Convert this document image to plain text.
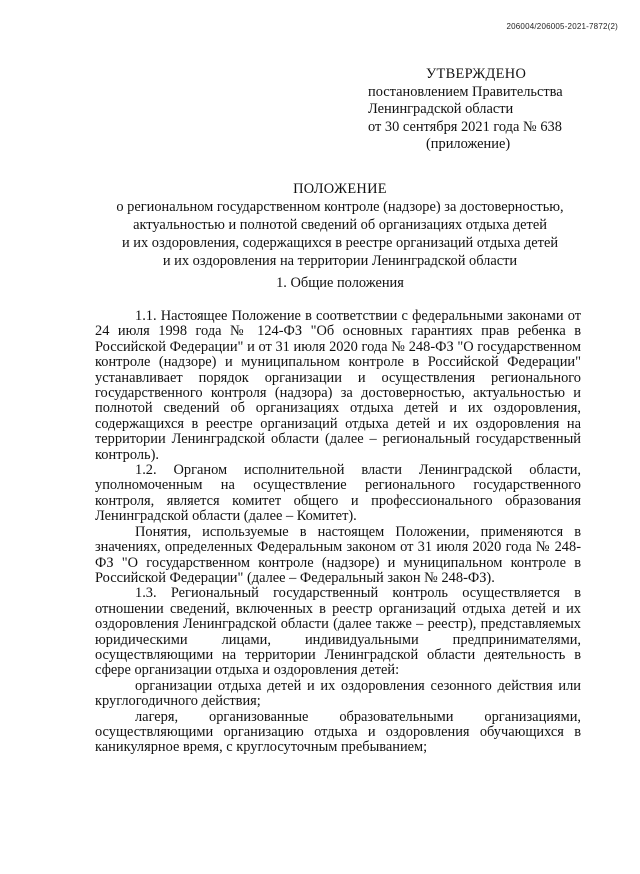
206004/206005-2021-7872(2)
УТВЕРЖДЕНО
постановлением Правительства
Ленинградской области
от 30 сентября 2021 года № 638
(приложение)
ПОЛОЖЕНИЕ
о региональном государственном контроле (надзоре) за достоверностью,
актуальностью и полнотой сведений об организациях отдыха детей
и их оздоровления, содержащихся в реестре организаций отдыха детей
и их оздоровления на территории Ленинградской области
1. Общие положения

1.1. Настоящее Положение в соответствии с федеральными законами от 24 июля 1998 года № 124-ФЗ "Об основных гарантиях прав ребенка в Российской Федерации" и от 31 июля 2020 года № 248-ФЗ "О государственном контроле (надзоре) и муниципальном контроле в Российской Федерации" устанавливает порядок организации и осуществления регионального государственного контроля (надзора) за достоверностью, актуальностью и полнотой сведений об организациях отдыха детей и их оздоровления, содержащихся в реестре организаций отдыха детей и их оздоровления на территории Ленинградской области (далее – региональный государственный контроль).

1.2. Органом исполнительной власти Ленинградской области, уполномоченным на осуществление регионального государственного контроля, является комитет общего и профессионального образования Ленинградской области (далее – Комитет).

Понятия, используемые в настоящем Положении, применяются в значениях, определенных Федеральным законом от 31 июля 2020 года № 248-ФЗ "О государственном контроле (надзоре) и муниципальном контроле в Российской Федерации" (далее – Федеральный закон № 248-ФЗ).

1.3. Региональный государственный контроль осуществляется в отношении сведений, включенных в реестр организаций отдыха детей и их оздоровления Ленинградской области (далее также – реестр), представляемых юридическими лицами, индивидуальными предпринимателями, осуществляющими на территории Ленинградской области деятельность в сфере организации отдыха и оздоровления детей:

организации отдыха детей и их оздоровления сезонного действия или круглогодичного действия;

лагеря, организованные образовательными организациями, осуществляющими организацию отдыха и оздоровления обучающихся в каникулярное время, с круглосуточным пребыванием;
